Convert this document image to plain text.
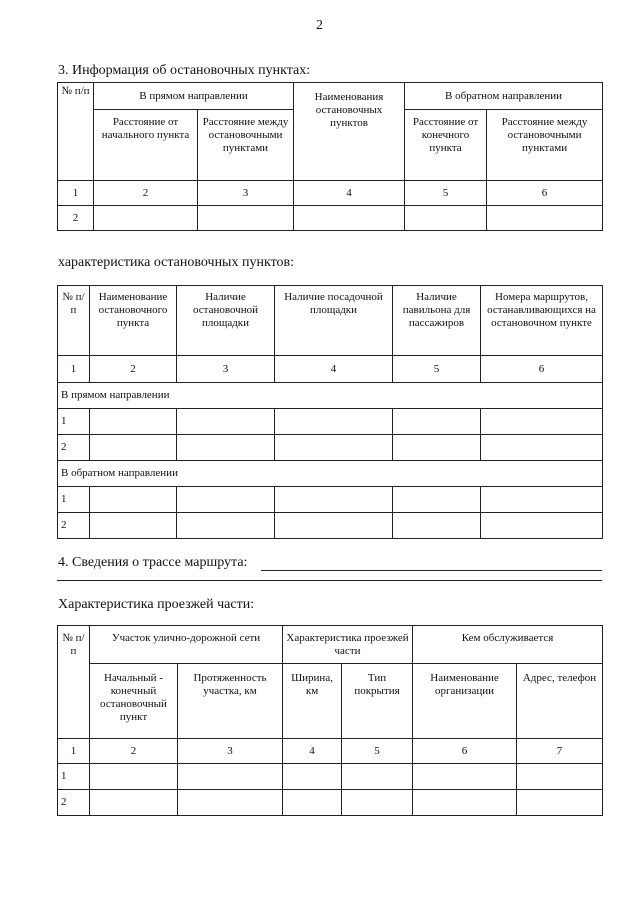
2
3. Информация об остановочных пунктах:
№ п/п	В прямом направлении		Наименования остановочных пунктов	В обратном направлении	
	Расстояние от начального пункта	Расстояние между остановочными пунктами		Расстояние от конечного пункта	Расстояние между остановочными пунктами
1	2	3	4	5	6
2					
характеристика остановочных пунктов:
№ п/п	Наименование остановочного пункта	Наличие остановочной площадки	Наличие посадочной площадки	Наличие павильона для пассажиров	Номера маршрутов, останавливающихся на остановочном пункте
1	2	3	4	5	6
В прямом направлении					
1					
2					
В обратном направлении					
1					
2					
4. Сведения о трассе маршрута:
Характеристика проезжей части:
№ п/п	Участок улично-дорожной сети		Характеристика проезжей части		Кем обслуживается	
	Начальный - конечный остановочный пункт	Протяженность участка, км	Ширина, км	Тип покрытия	Наименование организации	Адрес, телефон
1	2	3	4	5	6	7
1						
2						
